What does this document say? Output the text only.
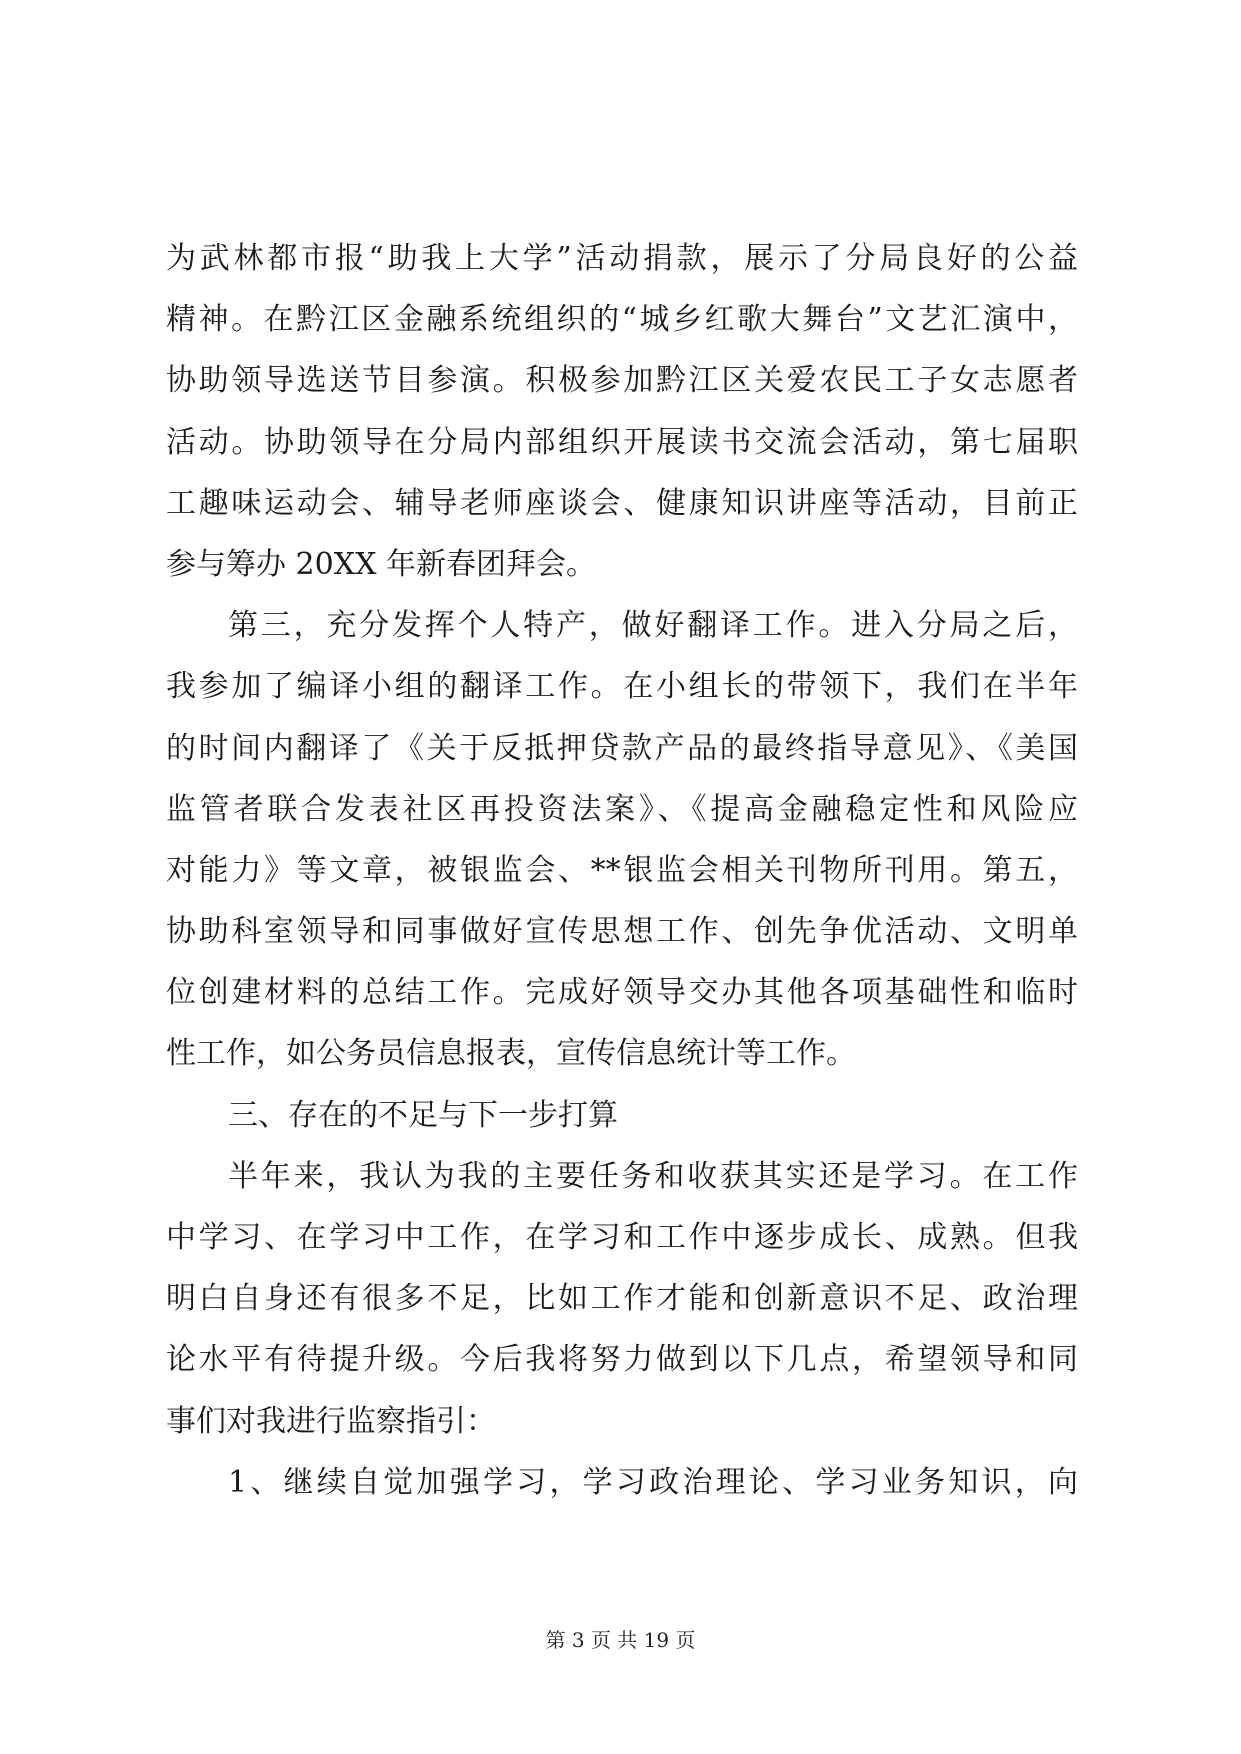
为武林都市报“助我上大学”活动捐款，展示了分局良好的公益
精神。在黔江区金融系统组织的“城乡红歌大舞台”文艺汇演中，
协助领导选送节目参演。积极参加黔江区关爱农民工子女志愿者
活动。协助领导在分局内部组织开展读书交流会活动，第七届职
工趣味运动会、辅导老师座谈会、健康知识讲座等活动，目前正
参与筹办 20XX 年新春团拜会。
第三，充分发挥个人特产，做好翻译工作。进入分局之后，
我参加了编译小组的翻译工作。在小组长的带领下，我们在半年
的时间内翻译了《关于反抵押贷款产品的最终指导意见》、《美国
监管者联合发表社区再投资法案》、《提高金融稳定性和风险应
对能力》等文章，被银监会、**银监会相关刊物所刊用。第五，
协助科室领导和同事做好宣传思想工作、创先争优活动、文明单
位创建材料的总结工作。完成好领导交办其他各项基础性和临时
性工作，如公务员信息报表，宣传信息统计等工作。
三、存在的不足与下一步打算
半年来，我认为我的主要任务和收获其实还是学习。在工作
中学习、在学习中工作，在学习和工作中逐步成长、成熟。但我
明白自身还有很多不足，比如工作才能和创新意识不足、政治理
论水平有待提升级。今后我将努力做到以下几点，希望领导和同
事们对我进行监察指引：
1、继续自觉加强学习，学习政治理论、学习业务知识，向
第 3 页 共 19 页
